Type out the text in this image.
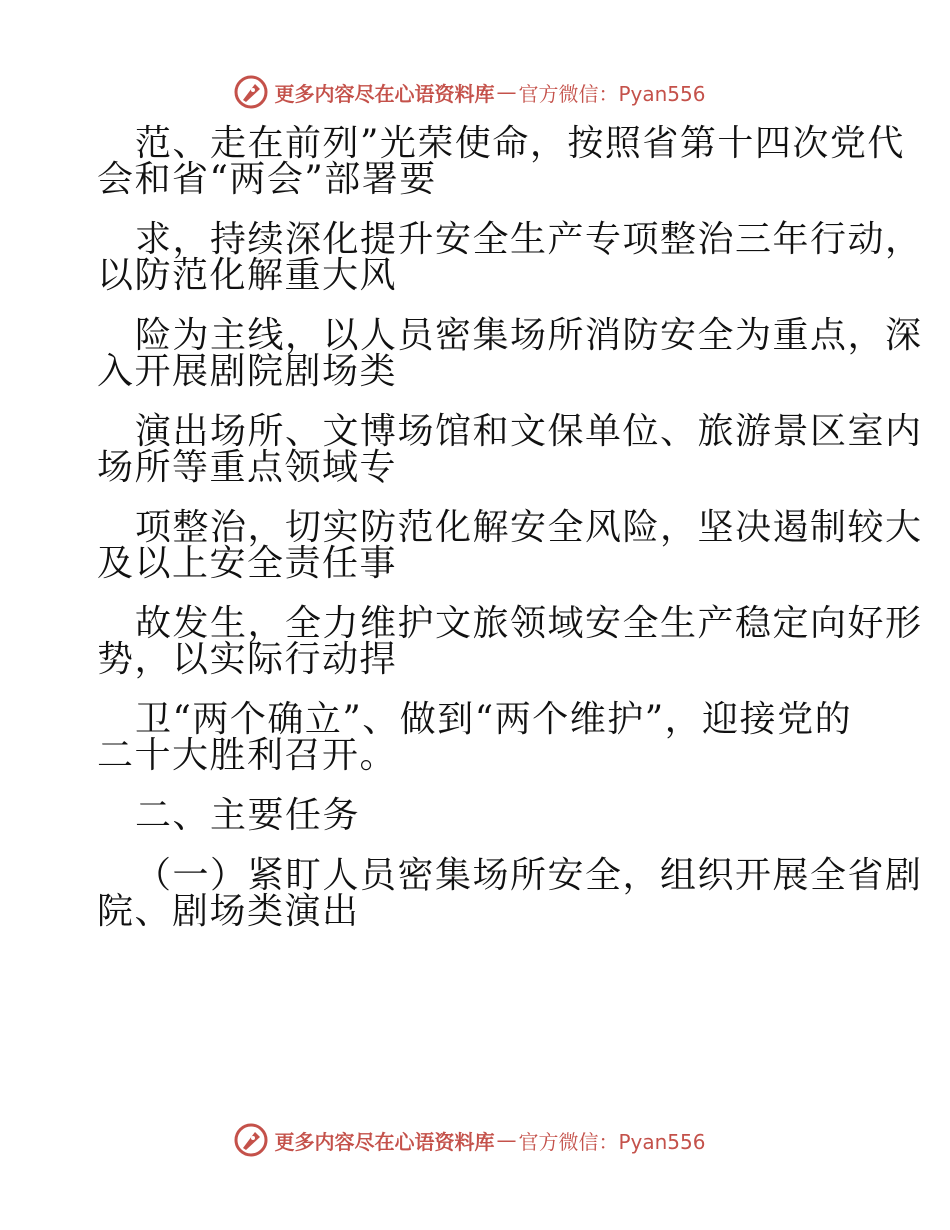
更多内容尽在心语资料库 — 官方微信：Pyan556
范、走在前列”光荣使命，按照省第十四次党代
会和省“两会”部署要
求，持续深化提升安全生产专项整治三年行动，
以防范化解重大风
险为主线，以人员密集场所消防安全为重点，深
入开展剧院剧场类
演出场所、文博场馆和文保单位、旅游景区室内
场所等重点领域专
项整治，切实防范化解安全风险，坚决遏制较大
及以上安全责任事
故发生，全力维护文旅领域安全生产稳定向好形
势，以实际行动捍
卫“两个确立”、做到“两个维护”，迎接党的
二十大胜利召开。
二、主要任务
（一）紧盯人员密集场所安全，组织开展全省剧
院、剧场类演出
更多内容尽在心语资料库 — 官方微信：Pyan556
